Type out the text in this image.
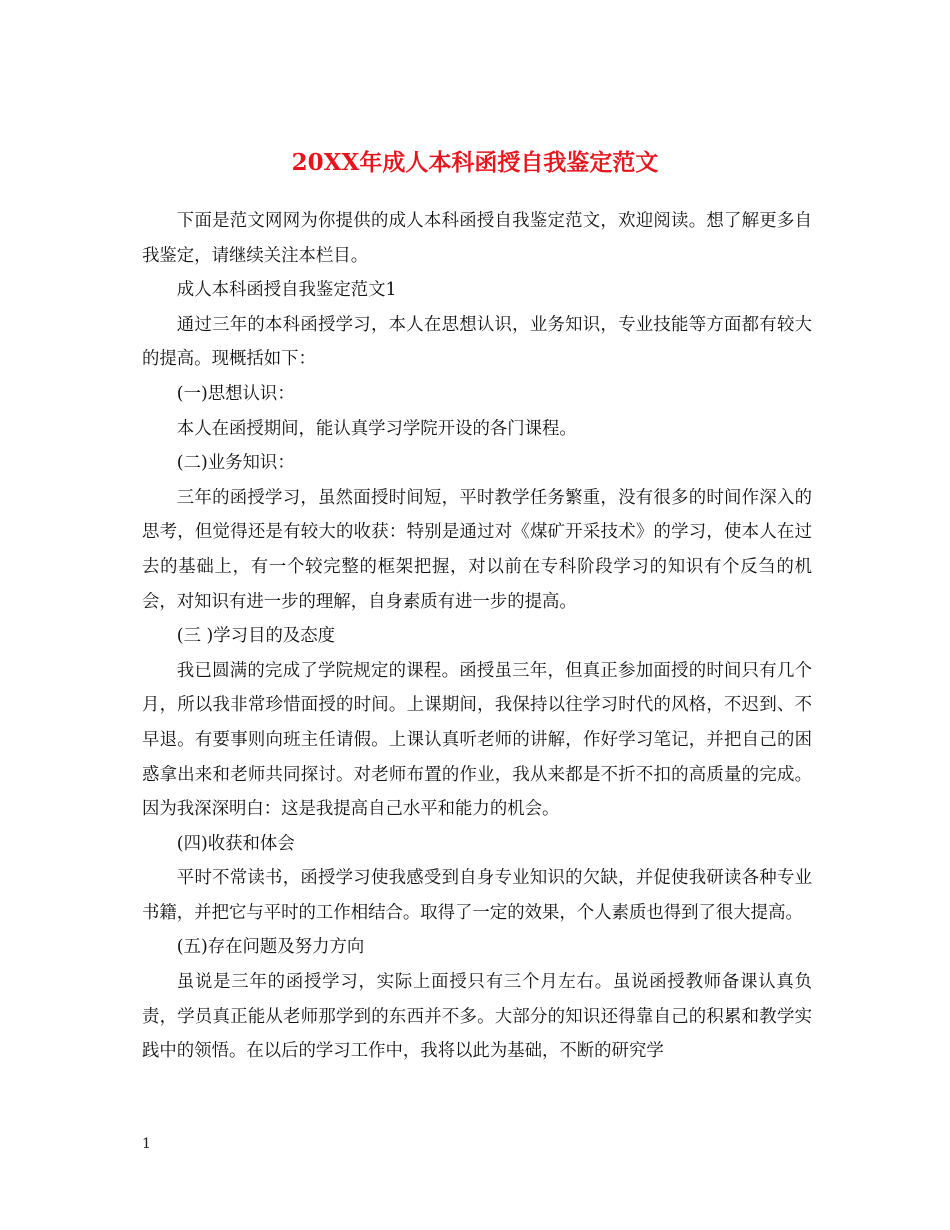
20XX年成人本科函授自我鉴定范文

下面是范文网网为你提供的成人本科函授自我鉴定范文，欢迎阅读。想了解更多自我鉴定，请继续关注本栏目。

成人本科函授自我鉴定范文1

通过三年的本科函授学习，本人在思想认识，业务知识，专业技能等方面都有较大的提高。现概括如下：

(一)思想认识：

本人在函授期间，能认真学习学院开设的各门课程。

(二)业务知识：

三年的函授学习，虽然面授时间短，平时教学任务繁重，没有很多的时间作深入的思考，但觉得还是有较大的收获：特别是通过对《煤矿开采技术》的学习，使本人在过去的基础上，有一个较完整的框架把握，对以前在专科阶段学习的知识有个反刍的机会，对知识有进一步的理解，自身素质有进一步的提高。

(三 )学习目的及态度

我已圆满的完成了学院规定的课程。函授虽三年，但真正参加面授的时间只有几个月，所以我非常珍惜面授的时间。上课期间，我保持以往学习时代的风格，不迟到、不早退。有要事则向班主任请假。上课认真听老师的讲解，作好学习笔记，并把自己的困惑拿出来和老师共同探讨。对老师布置的作业，我从来都是不折不扣的高质量的完成。因为我深深明白：这是我提高自己水平和能力的机会。

(四)收获和体会

平时不常读书，函授学习使我感受到自身专业知识的欠缺，并促使我研读各种专业书籍，并把它与平时的工作相结合。取得了一定的效果，个人素质也得到了很大提高。

(五)存在问题及努力方向

虽说是三年的函授学习，实际上面授只有三个月左右。虽说函授教师备课认真负责，学员真正能从老师那学到的东西并不多。大部分的知识还得靠自己的积累和教学实践中的领悟。在以后的学习工作中，我将以此为基础，不断的研究学

1
